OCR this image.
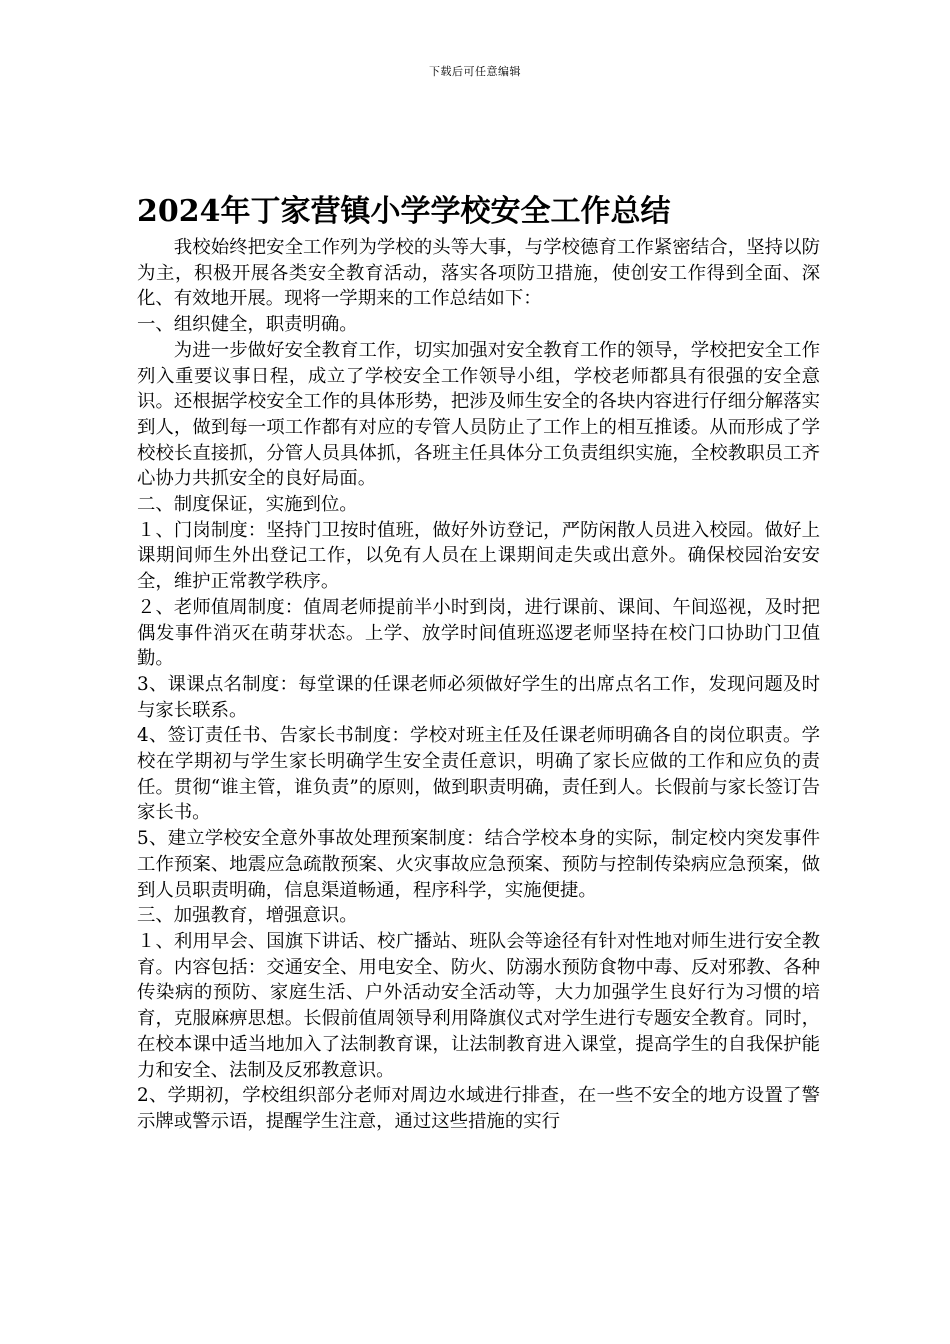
下载后可任意编辑
2024年丁家营镇小学学校安全工作总结

我校始终把安全工作列为学校的头等大事，与学校德育工作紧密结合，坚持以防为主，积极开展各类安全教育活动，落实各项防卫措施，使创安工作得到全面、深化、有效地开展。现将一学期来的工作总结如下：

一、组织健全，职责明确。

为进一步做好安全教育工作，切实加强对安全教育工作的领导，学校把安全工作列入重要议事日程，成立了学校安全工作领导小组，学校老师都具有很强的安全意识。还根据学校安全工作的具体形势，把涉及师生安全的各块内容进行仔细分解落实到人，做到每一项工作都有对应的专管人员防止了工作上的相互推诿。从而形成了学校校长直接抓，分管人员具体抓，各班主任具体分工负责组织实施，全校教职员工齐心协力共抓安全的良好局面。

二、制度保证，实施到位。

１、门岗制度：坚持门卫按时值班，做好外访登记，严防闲散人员进入校园。做好上课期间师生外出登记工作，以免有人员在上课期间走失或出意外。确保校园治安安全，维护正常教学秩序。

２、老师值周制度：值周老师提前半小时到岗，进行课前、课间、午间巡视，及时把偶发事件消灭在萌芽状态。上学、放学时间值班巡逻老师坚持在校门口协助门卫值勤。

3、课课点名制度：每堂课的任课老师必须做好学生的出席点名工作，发现问题及时与家长联系。

4、签订责任书、告家长书制度：学校对班主任及任课老师明确各自的岗位职责。学校在学期初与学生家长明确学生安全责任意识，明确了家长应做的工作和应负的责任。贯彻“谁主管，谁负责”的原则，做到职责明确，责任到人。长假前与家长签订告家长书。

5、建立学校安全意外事故处理预案制度：结合学校本身的实际，制定校内突发事件工作预案、地震应急疏散预案、火灾事故应急预案、预防与控制传染病应急预案，做到人员职责明确，信息渠道畅通，程序科学，实施便捷。

三、加强教育，增强意识。

１、利用早会、国旗下讲话、校广播站、班队会等途径有针对性地对师生进行安全教育。内容包括：交通安全、用电安全、防火、防溺水预防食物中毒、反对邪教、各种传染病的预防、家庭生活、户外活动安全活动等，大力加强学生良好行为习惯的培育，克服麻痹思想。长假前值周领导利用降旗仪式对学生进行专题安全教育。同时，在校本课中适当地加入了法制教育课，让法制教育进入课堂，提高学生的自我保护能力和安全、法制及反邪教意识。

2、学期初，学校组织部分老师对周边水域进行排查，在一些不安全的地方设置了警示牌或警示语，提醒学生注意，通过这些措施的实行
